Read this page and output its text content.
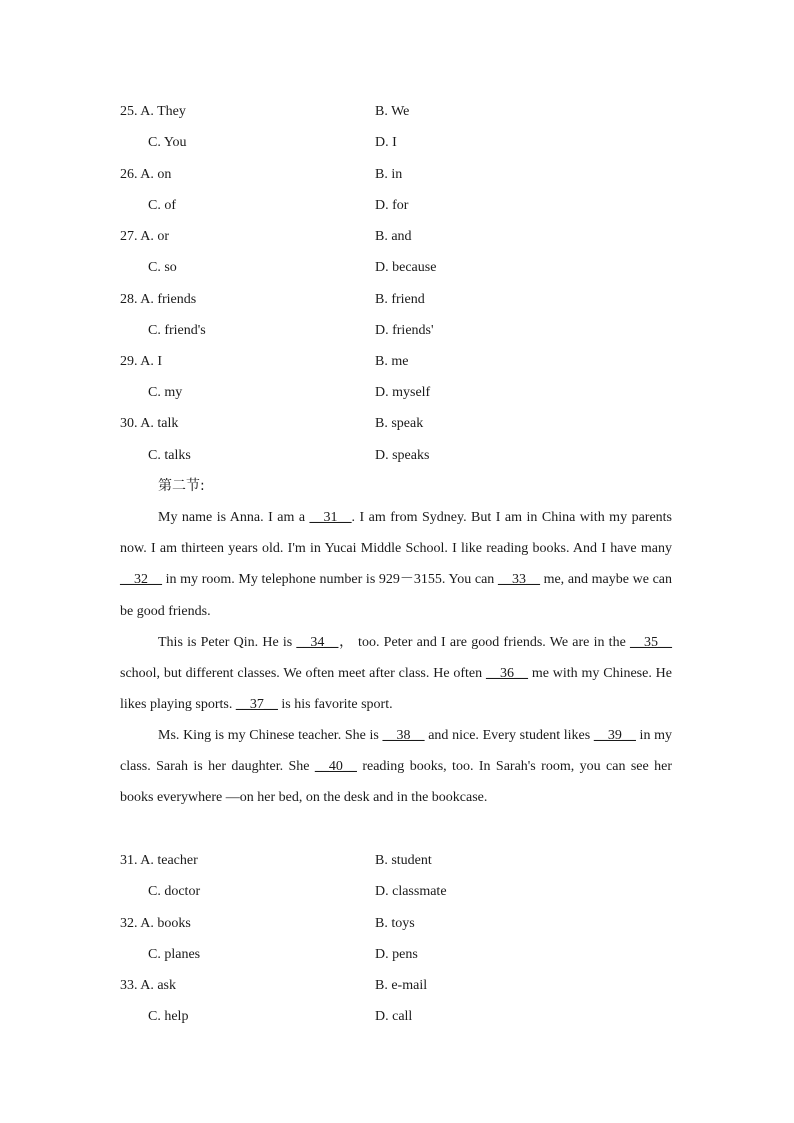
25. A. They	B. We
C. You	D. I
26. A. on	B. in
C. of	D. for
27. A. or	B. and
C. so	D. because
28. A. friends	B. friend
C. friend's	D. friends'
29. A. I	B. me
C. my	D. myself
30. A. talk	B. speak
C. talks	D. speaks
第二节:

My name is Anna. I am a __31__. I am from Sydney. But I am in China with my parents now. I am thirteen years old. I'm in Yucai Middle School. I like reading books. And I have many __32__ in my room. My telephone number is 929－3155. You can __33__ me, and maybe we can be good friends.

This is Peter Qin. He is __34__， too. Peter and I are good friends. We are in the __35__ school, but different classes. We often meet after class. He often __36__ me with my Chinese. He likes playing sports. __37__ is his favorite sport.

Ms. King is my Chinese teacher. She is __38__ and nice. Every student likes __39__ in my class. Sarah is her daughter. She __40__ reading books, too. In Sarah's room, you can see her books everywhere —on her bed, on the desk and in the bookcase.

31. A. teacher	B. student
C. doctor	D. classmate
32. A. books	B. toys
C. planes	D. pens
33. A. ask	B. e-mail
C. help	D. call
